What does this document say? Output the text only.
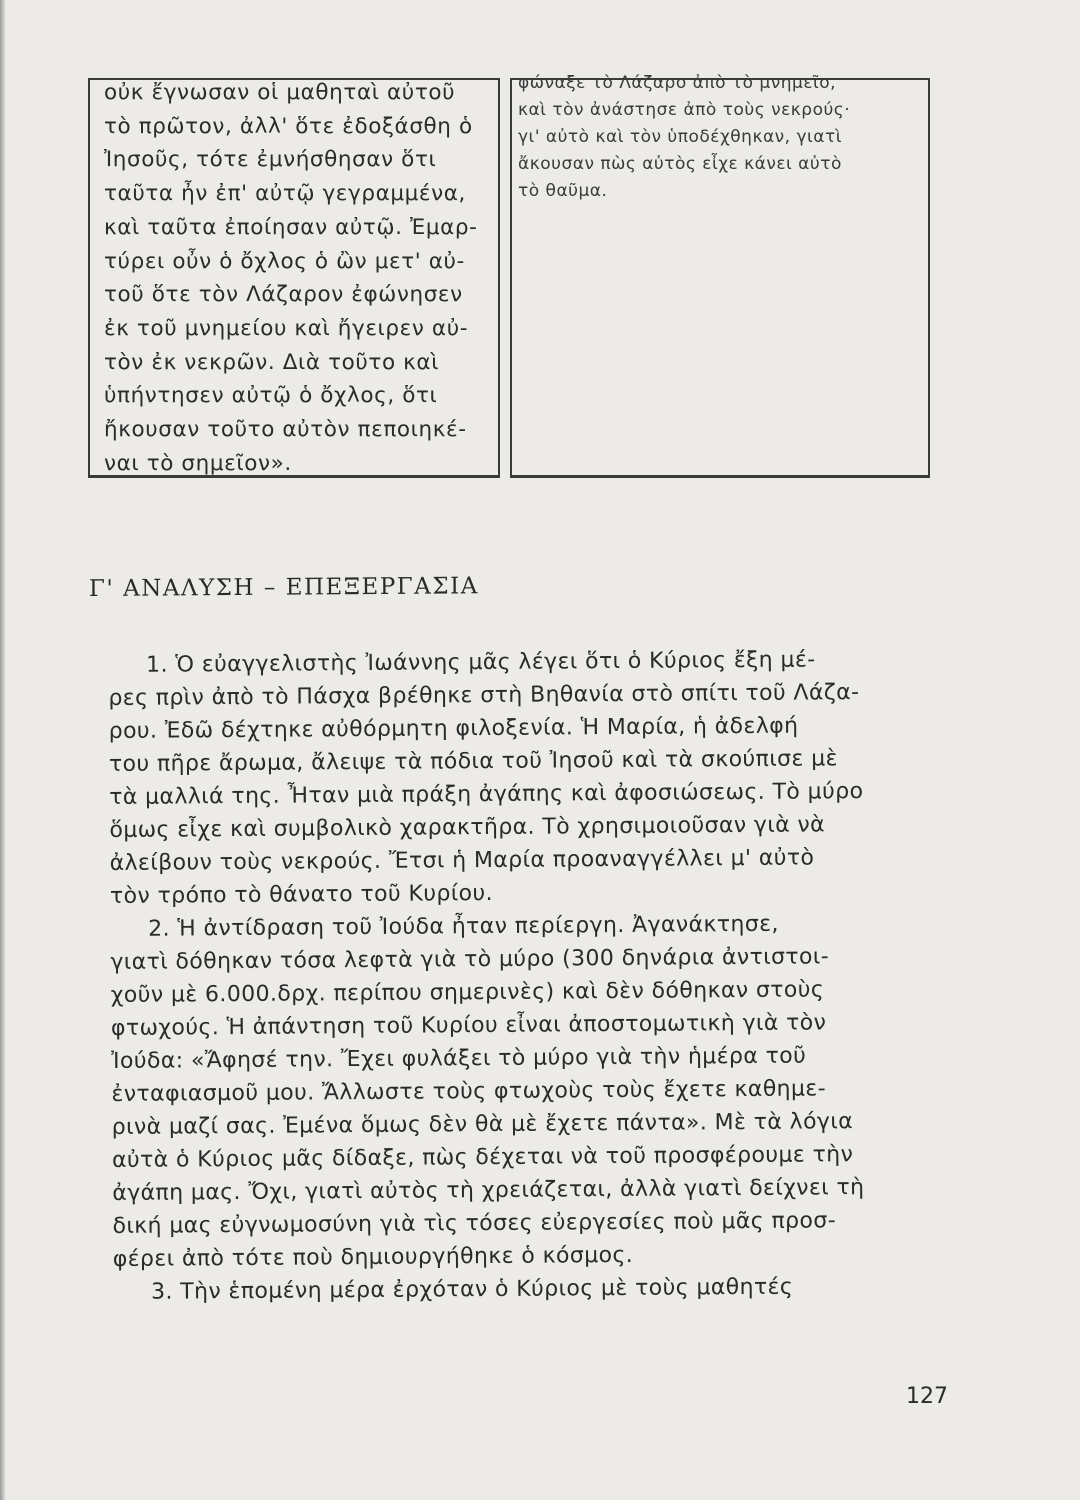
οὐκ ἔγνωσαν οἱ μαθηταὶ αὐτοῦ
τὸ πρῶτον, ἀλλ' ὅτε ἐδοξάσθη ὁ
Ἰησοῦς, τότε ἐμνήσθησαν ὅτι
ταῦτα ἦν ἐπ' αὐτῷ γεγραμμένα,
καὶ ταῦτα ἐποίησαν αὐτῷ. Ἐμαρ-
τύρει οὖν ὁ ὄχλος ὁ ὢν μετ' αὐ-
τοῦ ὅτε τὸν Λάζαρον ἐφώνησεν
ἐκ τοῦ μνημείου καὶ ἤγειρεν αὐ-
τὸν ἐκ νεκρῶν. Διὰ τοῦτο καὶ
ὑπήντησεν αὐτῷ ὁ ὄχλος, ὅτι
ἤκουσαν τοῦτο αὐτὸν πεποιηκέ-
ναι τὸ σημεῖον».
φώναξε τὸ Λάζαρο ἀπὸ τὸ μνημεῖο,
καὶ τὸν ἀνάστησε ἀπὸ τοὺς νεκρούς·
γι' αὐτὸ καὶ τὸν ὑποδέχθηκαν, γιατὶ
ἄκουσαν πὼς αὐτὸς εἶχε κάνει αὐτὸ
τὸ θαῦμα.
Γ' ΑΝΑΛΥΣΗ – ΕΠΕΞΕΡΓΑΣΙΑ
1. Ὁ εὐαγγελιστὴς Ἰωάννης μᾶς λέγει ὅτι ὁ Κύριος ἔξη μέ-
ρες πρὶν ἀπὸ τὸ Πάσχα βρέθηκε στὴ Βηθανία στὸ σπίτι τοῦ Λάζα-
ρου. Ἐδῶ δέχτηκε αὐθόρμητη φιλοξενία. Ἡ Μαρία, ἡ ἀδελφή
του πῆρε ἄρωμα, ἄλειψε τὰ πόδια τοῦ Ἰησοῦ καὶ τὰ σκούπισε μὲ
τὰ μαλλιά της. Ἦταν μιὰ πράξη ἀγάπης καὶ ἀφοσιώσεως. Τὸ μύρο
ὅμως εἶχε καὶ συμβολικὸ χαρακτῆρα. Τὸ χρησιμοιοῦσαν γιὰ νὰ
ἀλείβουν τοὺς νεκρούς. Ἔτσι ἡ Μαρία προαναγγέλλει μ' αὐτὸ
τὸν τρόπο τὸ θάνατο τοῦ Κυρίου.
2. Ἡ ἀντίδραση τοῦ Ἰούδα ἦταν περίεργη. Ἀγανάκτησε,
γιατὶ δόθηκαν τόσα λεφτὰ γιὰ τὸ μύρο (300 δηνάρια ἀντιστοι-
χοῦν μὲ 6.000.δρχ. περίπου σημερινὲς) καὶ δὲν δόθηκαν στοὺς
φτωχούς. Ἡ ἀπάντηση τοῦ Κυρίου εἶναι ἀποστομωτικὴ γιὰ τὸν
Ἰούδα: «Ἄφησέ την. Ἔχει φυλάξει τὸ μύρο γιὰ τὴν ἡμέρα τοῦ
ἐνταφιασμοῦ μου. Ἄλλωστε τοὺς φτωχοὺς τοὺς ἔχετε καθημε-
ρινὰ μαζί σας. Ἐμένα ὅμως δὲν θὰ μὲ ἔχετε πάντα». Μὲ τὰ λόγια
αὐτὰ ὁ Κύριος μᾶς δίδαξε, πὼς δέχεται νὰ τοῦ προσφέρουμε τὴν
ἀγάπη μας. Ὄχι, γιατὶ αὐτὸς τὴ χρειάζεται, ἀλλὰ γιατὶ δείχνει τὴ
δική μας εὐγνωμοσύνη γιὰ τὶς τόσες εὐεργεσίες ποὺ μᾶς προσ-
φέρει ἀπὸ τότε ποὺ δημιουργήθηκε ὁ κόσμος.
3. Τὴν ἑπομένη μέρα ἐρχόταν ὁ Κύριος μὲ τοὺς μαθητές
127
